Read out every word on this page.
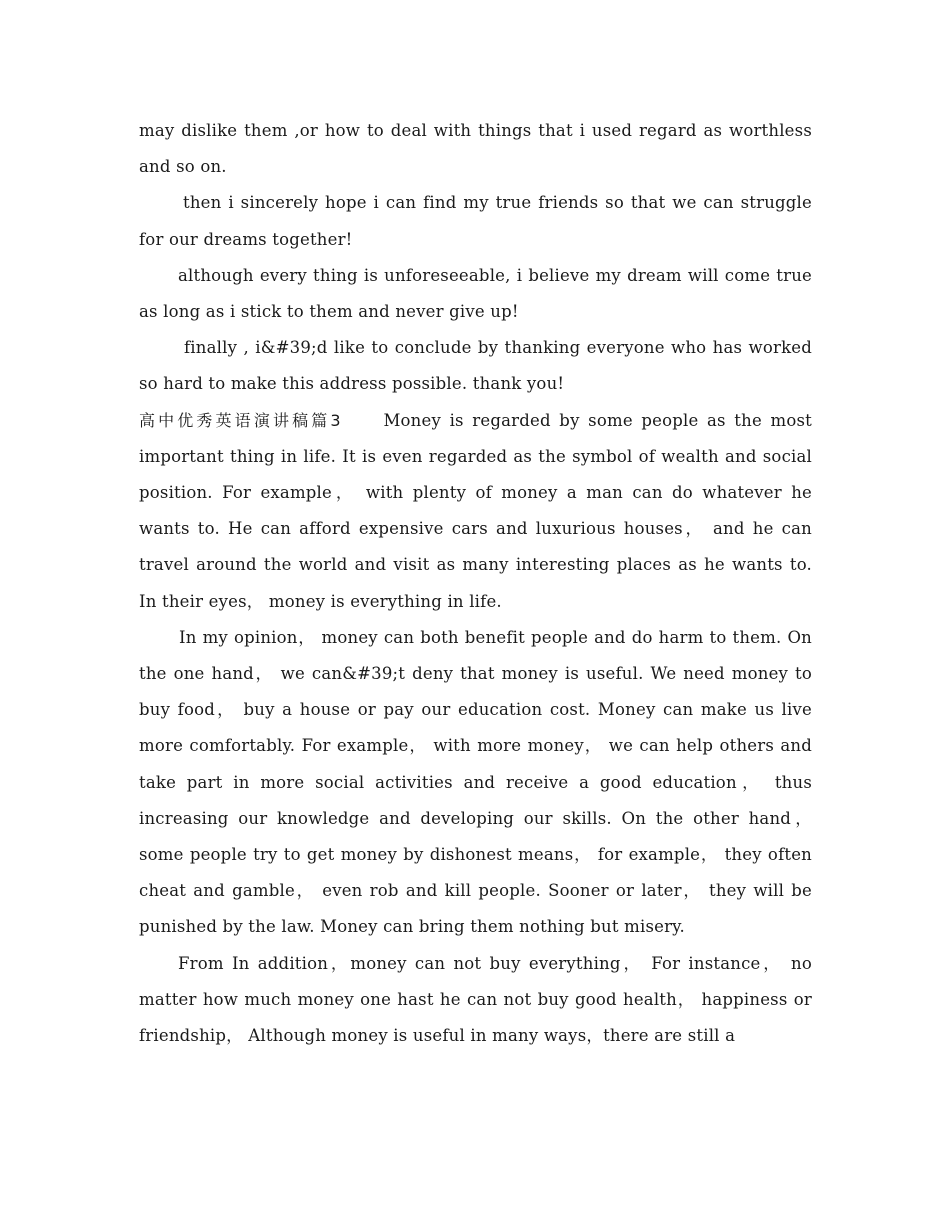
may dislike them ,or how to deal with things that i used regard as worthless and so on.

then i sincerely hope i can find my true friends so that we can struggle for our dreams together!

although every thing is unforeseeable, i believe my dream will come true as long as i stick to them and never give up!

finally , i&#39;d like to conclude by thanking everyone who has worked so hard to make this address possible. thank you!

高中优秀英语演讲稿篇3	Money is regarded by some people as the most important thing in life. It is even regarded as the symbol of wealth and social position. For example， with plenty of money a man can do whatever he wants to. He can afford expensive cars and luxurious houses， and he can travel around the world and visit as many interesting places as he wants to. In their eyes， money is everything in life.

In my opinion， money can both benefit people and do harm to them. On the one hand， we can&#39;t deny that money is useful. We need money to buy food， buy a house or pay our education cost. Money can make us live more comfortably. For example， with more money， we can help others and take part in more social activities and receive a good education， thus increasing our knowledge and developing our skills. On the other hand， some people try to get money by dishonest means， for example， they often cheat and gamble， even rob and kill people. Sooner or later， they will be punished by the law. Money can bring them nothing but misery.

From In addition，money can not buy everything， For instance， no matter how much money one hast he can not buy good health， happiness or friendship， Although money is useful in many ways，there are still a
